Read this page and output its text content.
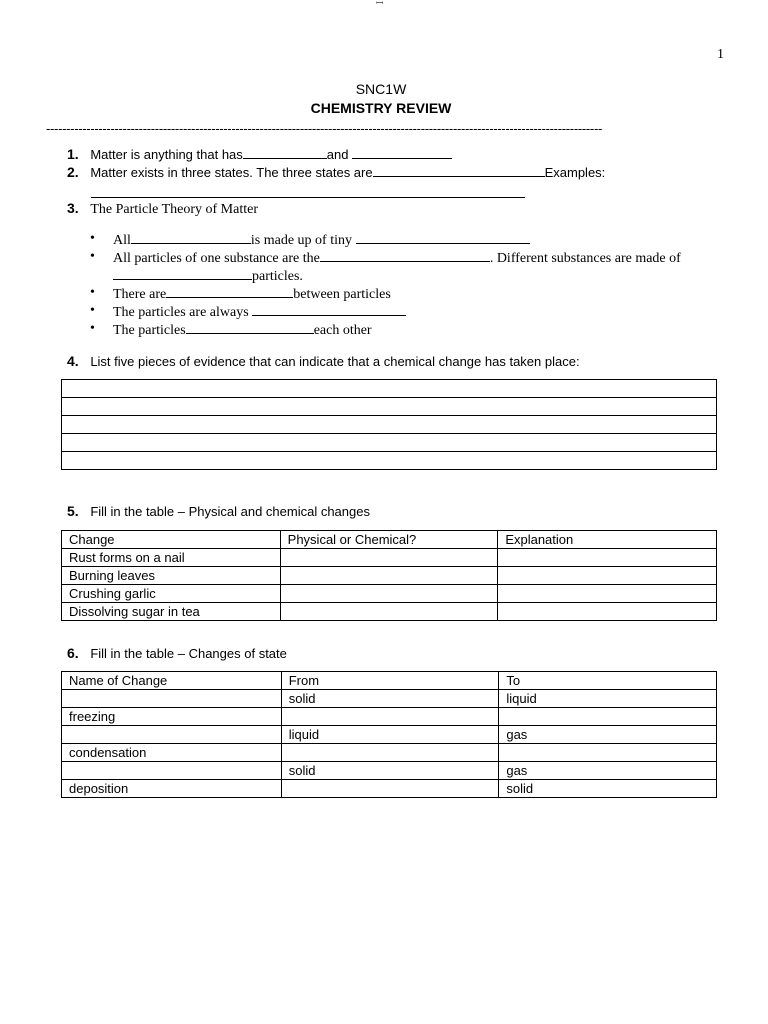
ꟷ
1
SNC1W
CHEMISTRY REVIEW
------------------------------------------------------------------------------------------------------------------------------------------
1. Matter is anything that has	and
2. Matter exists in three states. The three states are	Examples:
3. The Particle Theory of Matter
• All	is made up of tiny
• All particles of one substance are the	. Different substances are made of
particles.
• There are	between particles
• The particles are always
• The particles	each other
4. List five pieces of evidence that can indicate that a chemical change has taken place:

5. Fill in the table – Physical and chemical changes
Change	Physical or Chemical?	Explanation
Rust forms on a nail		
Burning leaves		
Crushing garlic		
Dissolving sugar in tea		
6. Fill in the table – Changes of state
Name of Change	From	To
	solid	liquid
freezing		
	liquid	gas
condensation		
	solid	gas
deposition		solid
